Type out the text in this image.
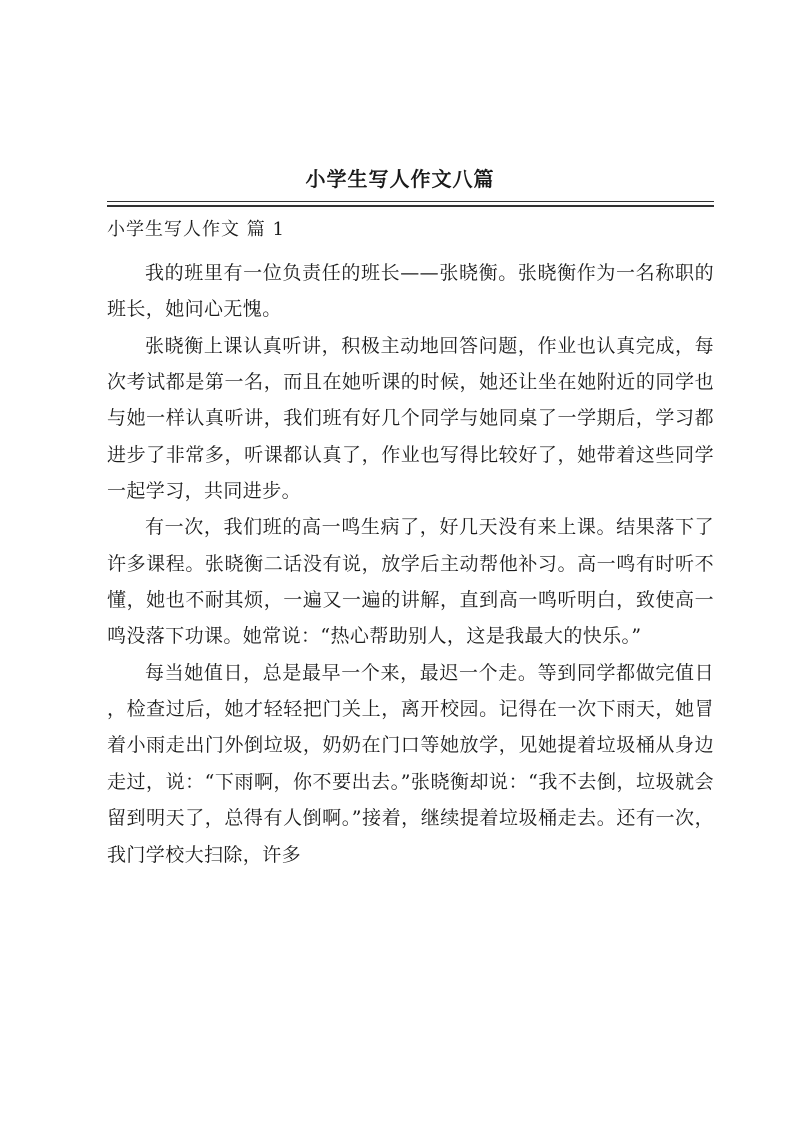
小学生写人作文八篇
小学生写人作文 篇 1

我的班里有一位负责任的班长——张晓衡。张晓衡作为一名称职的班长，她问心无愧。

张晓衡上课认真听讲，积极主动地回答问题，作业也认真完成，每次考试都是第一名，而且在她听课的时候，她还让坐在她附近的同学也与她一样认真听讲，我们班有好几个同学与她同桌了一学期后，学习都进步了非常多，听课都认真了，作业也写得比较好了，她带着这些同学一起学习，共同进步。

有一次，我们班的高一鸣生病了，好几天没有来上课。结果落下了许多课程。张晓衡二话没有说，放学后主动帮他补习。高一鸣有时听不懂，她也不耐其烦，一遍又一遍的讲解，直到高一鸣听明白，致使高一鸣没落下功课。她常说：“热心帮助别人，这是我最大的快乐。”

每当她值日，总是最早一个来，最迟一个走。等到同学都做完值日，检查过后，她才轻轻把门关上，离开校园。记得在一次下雨天，她冒着小雨走出门外倒垃圾，奶奶在门口等她放学，见她提着垃圾桶从身边走过，说：“下雨啊，你不要出去。”张晓衡却说：“我不去倒，垃圾就会留到明天了，总得有人倒啊。”接着，继续提着垃圾桶走去。还有一次，我门学校大扫除，许多
